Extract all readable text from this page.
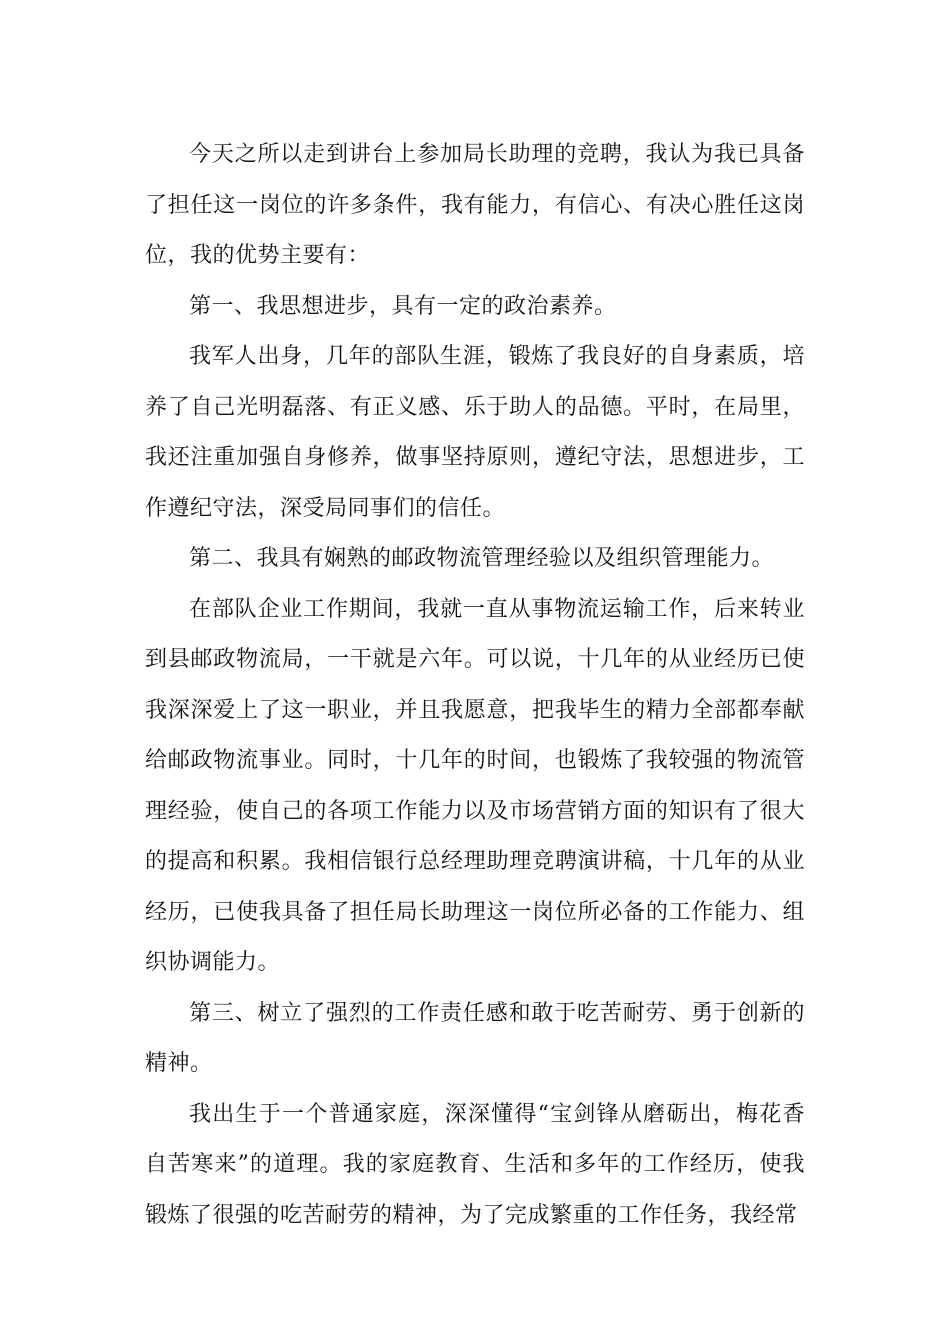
今天之所以走到讲台上参加局长助理的竞聘，我认为我已具备了担任这一岗位的许多条件，我有能力，有信心、有决心胜任这岗位，我的优势主要有：

第一、我思想进步，具有一定的政治素养。

我军人出身，几年的部队生涯，锻炼了我良好的自身素质，培养了自己光明磊落、有正义感、乐于助人的品德。平时，在局里，我还注重加强自身修养，做事坚持原则，遵纪守法，思想进步，工作遵纪守法，深受局同事们的信任。

第二、我具有娴熟的邮政物流管理经验以及组织管理能力。

在部队企业工作期间，我就一直从事物流运输工作，后来转业到县邮政物流局，一干就是六年。可以说，十几年的从业经历已使我深深爱上了这一职业，并且我愿意，把我毕生的精力全部都奉献给邮政物流事业。同时，十几年的时间，也锻炼了我较强的物流管理经验，使自己的各项工作能力以及市场营销方面的知识有了很大的提高和积累。我相信银行总经理助理竞聘演讲稿，十几年的从业经历，已使我具备了担任局长助理这一岗位所必备的工作能力、组织协调能力。

第三、树立了强烈的工作责任感和敢于吃苦耐劳、勇于创新的精神。

我出生于一个普通家庭，深深懂得“宝剑锋从磨砺出，梅花香自苦寒来”的道理。我的家庭教育、生活和多年的工作经历，使我锻炼了很强的吃苦耐劳的精神，为了完成繁重的工作任务，我经常
